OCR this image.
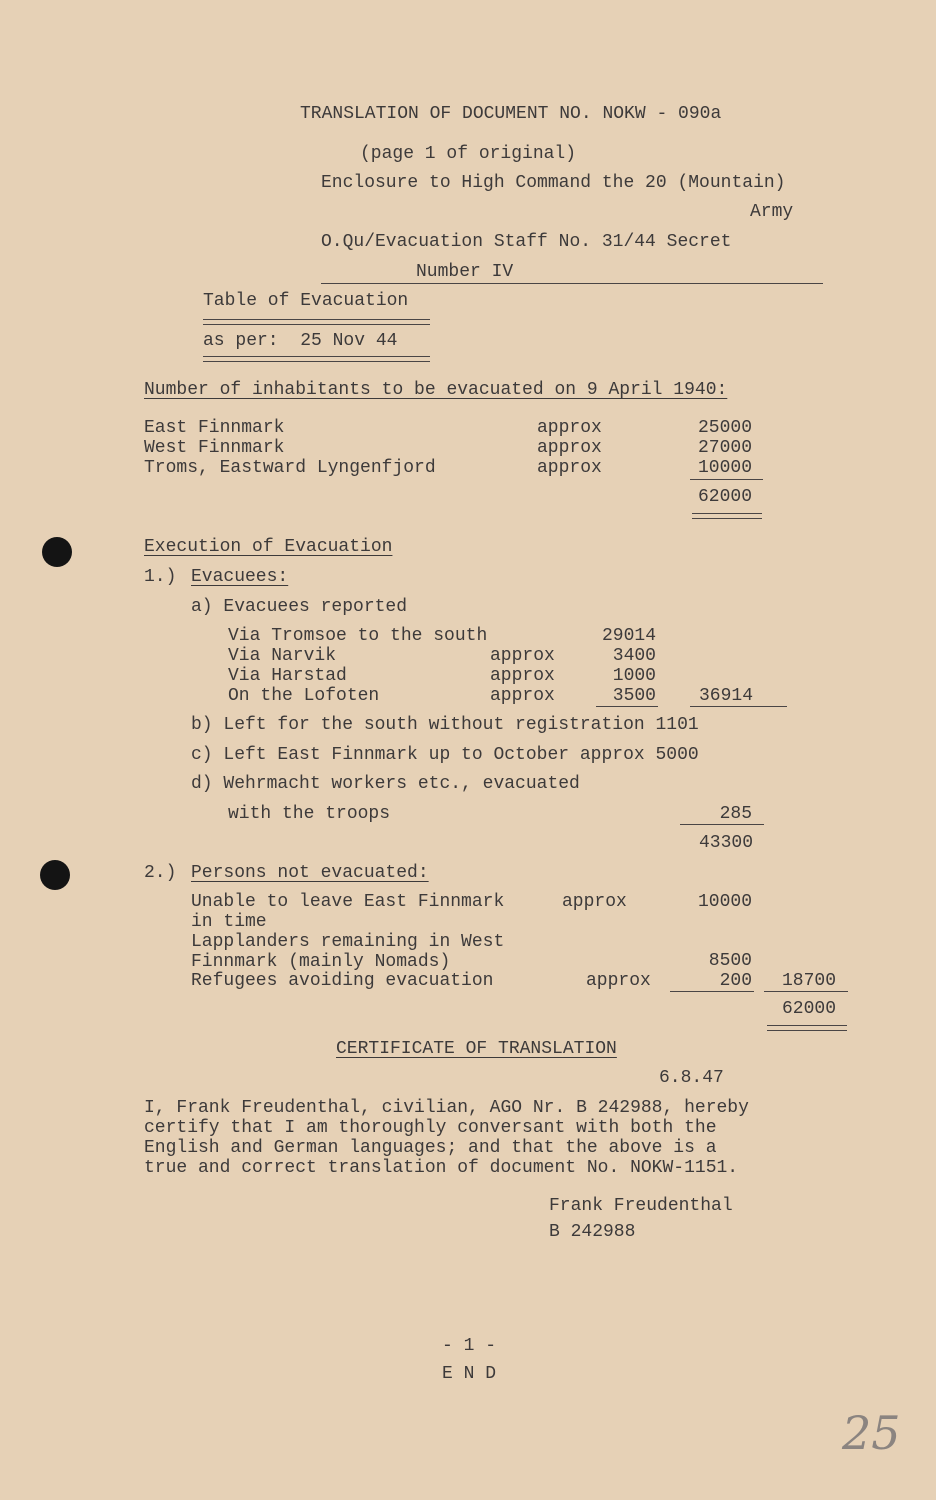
TRANSLATION OF DOCUMENT NO. NOKW - 090a
(page 1 of original)
Enclosure to High Command the 20 (Mountain)
Army
O.Qu/Evacuation Staff No. 31/44 Secret
Number IV
Table of Evacuation
as per:  25 Nov 44
Number of inhabitants to be evacuated on 9 April 1940:
East Finnmark	approx	25000
West Finnmark	approx	27000
Troms, Eastward Lyngenfjord	approx	10000
62000
Execution of Evacuation
1.) Evacuees:
a) Evacuees reported
Via Tromsoe to the south	29014
Via Narvik	approx	3400
Via Harstad	approx	1000
On the Lofoten	approx	3500	36914
b) Left for the south without registration 1101
c) Left East Finnmark up to October approx 5000
d) Wehrmacht workers etc., evacuated
with the troops	285
43300
2.) Persons not evacuated:
Unable to leave East Finnmark	approx	10000
in time
Lapplanders remaining in West
Finnmark (mainly Nomads)	8500
Refugees avoiding evacuation	approx	200	18700
62000
CERTIFICATE OF TRANSLATION
6.8.47
I, Frank Freudenthal, civilian, AGO Nr. B 242988, hereby
certify that I am thoroughly conversant with both the
English and German languages; and that the above is a
true and correct translation of document No. NOKW-1151.
Frank Freudenthal
B 242988
- 1 -
E N D
25
